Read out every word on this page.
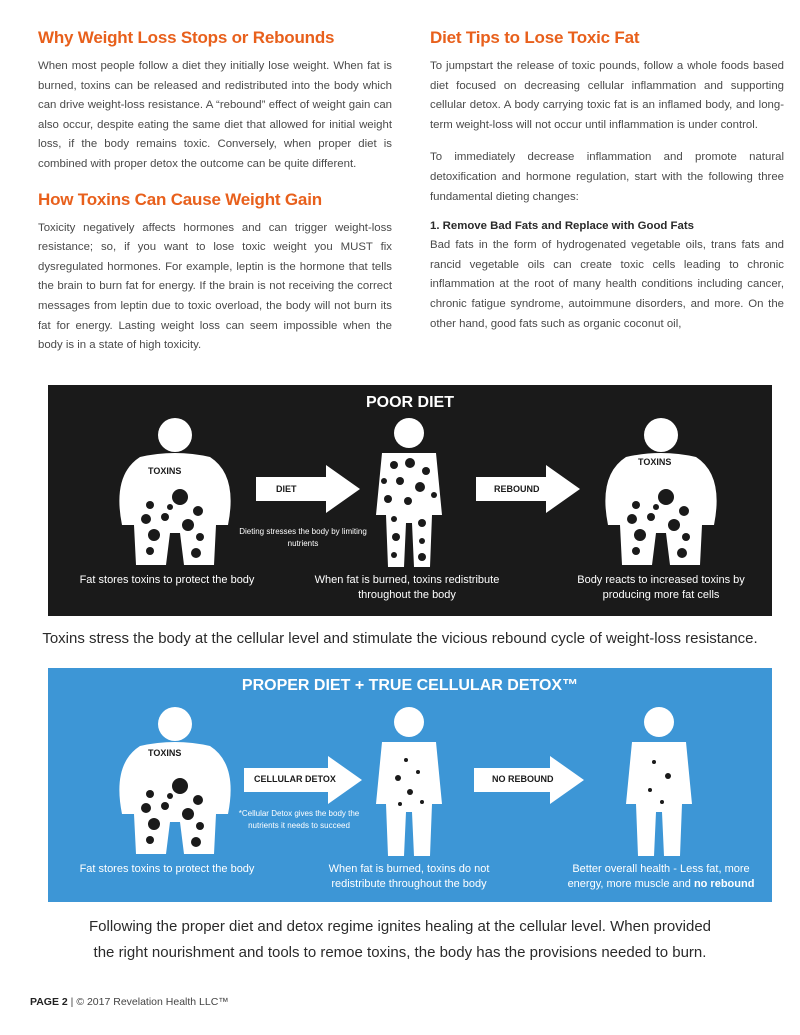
Why Weight Loss Stops or Rebounds

When most people follow a diet they initially lose weight. When fat is burned, toxins can be released and redistributed into the body which can drive weight-loss resistance. A “rebound” effect of weight gain can also occur, despite eating the same diet that allowed for initial weight loss, if the body remains toxic. Conversely, when proper diet is combined with proper detox the outcome can be quite different.

How Toxins Can Cause Weight Gain

Toxicity negatively affects hormones and can trigger weight-loss resistance; so, if you want to lose toxic weight you MUST fix dysregulated hormones. For example, leptin is the hormone that tells the brain to burn fat for energy. If the brain is not receiving the correct messages from leptin due to toxic overload, the body will not burn its fat for energy. Lasting weight loss can seem impossible when the body is in a state of high toxicity.

Diet Tips to Lose Toxic Fat

To jumpstart the release of toxic pounds, follow a whole foods based diet focused on decreasing cellular inflammation and supporting cellular detox. A body carrying toxic fat is an inflamed body, and long-term weight-loss will not occur until inflammation is under control.

To immediately decrease inflammation and promote natural detoxification and hormone regulation, start with the following three fundamental dieting changes:

1. Remove Bad Fats and Replace with Good Fats

Bad fats in the form of hydrogenated vegetable oils, trans fats and rancid vegetable oils can create toxic cells leading to chronic inflammation at the root of many health conditions including cancer, chronic fatigue syndrome, autoimmune disorders, and more. On the other hand, good fats such as organic coconut oil,

POOR DIET
TOXINS
DIET
Dieting stresses the body by limiting nutrients
REBOUND
TOXINS
Fat stores toxins to protect the body	When fat is burned, toxins redistribute throughout the body
Body reacts to increased toxins by producing more fat cells
Toxins stress the body at the cellular level and stimulate the vicious rebound cycle of weight-loss resistance.
PROPER DIET + TRUE CELLULAR DETOX™
TOXINS
CELLULAR DETOX
*Cellular Detox gives the body the nutrients it needs to succeed
NO REBOUND
Fat stores toxins to protect the body	When fat is burned, toxins do not redistribute throughout the body
Better overall health - Less fat, more energy, more muscle and no rebound
Following the proper diet and detox regime ignites healing at the cellular level. When provided
the right nourishment and tools to remoe toxins, the body has the provisions needed to burn.
PAGE 2 | © 2017 Revelation Health LLC™
